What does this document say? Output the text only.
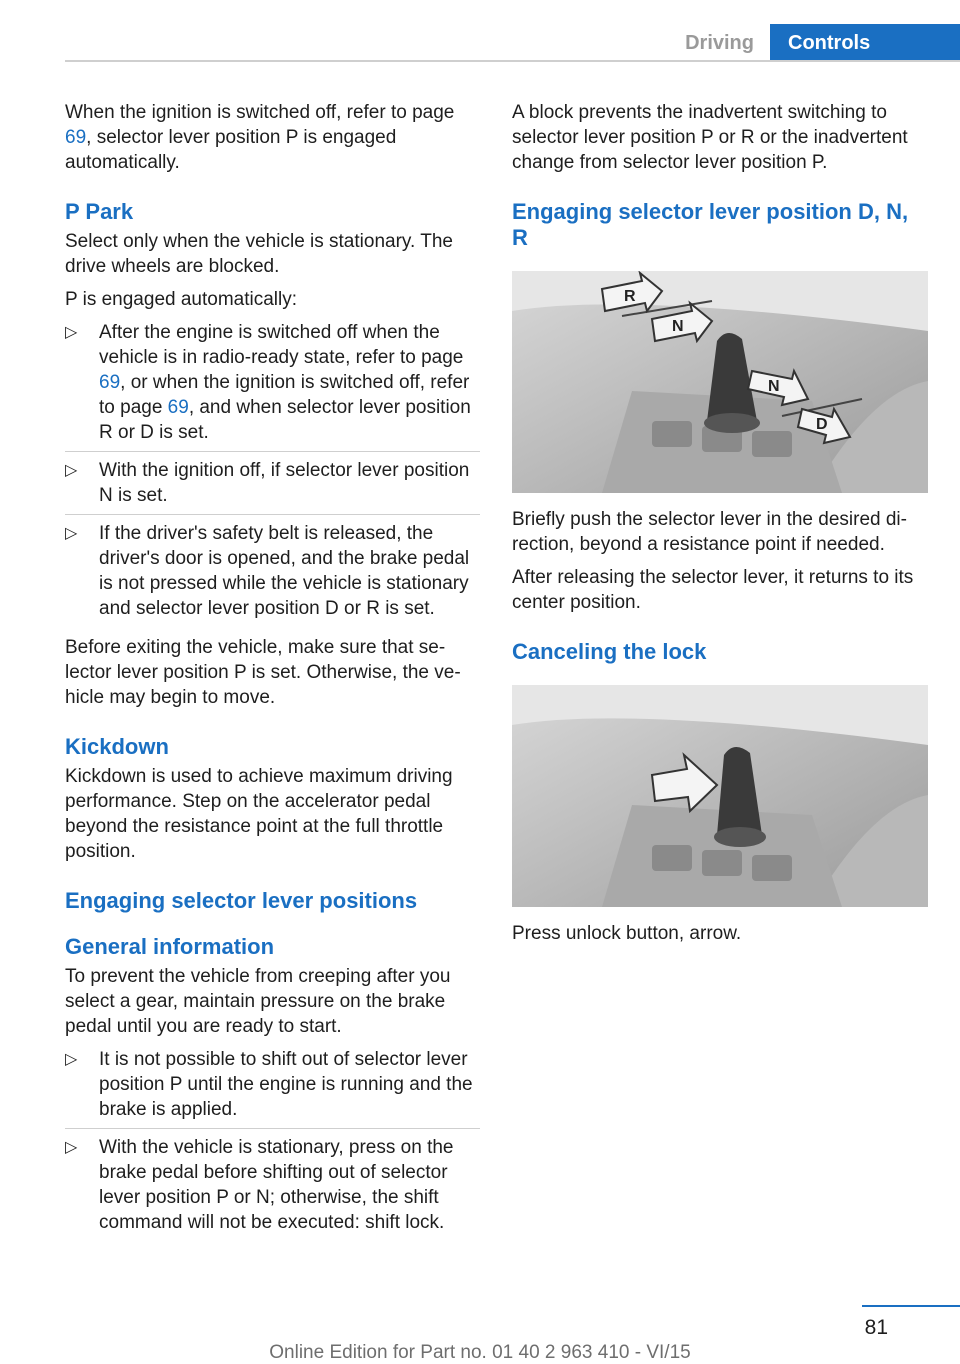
Driving	Controls

When the ignition is switched off, refer to page 69, selector lever position P is engaged automatically.

P Park

Select only when the vehicle is stationary. The drive wheels are blocked.

P is engaged automatically:

▷ After the engine is switched off when the vehicle is in radio-ready state, refer to page 69, or when the ignition is switched off, refer to page 69, and when selector lever position R or D is set.
▷ With the ignition off, if selector lever position N is set.
▷ If the driver's safety belt is released, the driver's door is opened, and the brake pedal is not pressed while the vehicle is stationary and selector lever position D or R is set.

Before exiting the vehicle, make sure that selector lever position P is set. Otherwise, the vehicle may begin to move.

Kickdown

Kickdown is used to achieve maximum driving performance. Step on the accelerator pedal beyond the resistance point at the full throttle position.

Engaging selector lever positions
General information

To prevent the vehicle from creeping after you select a gear, maintain pressure on the brake pedal until you are ready to start.

▷ It is not possible to shift out of selector lever position P until the engine is running and the brake is applied.
▷ With the vehicle is stationary, press on the brake pedal before shifting out of selector lever position P or N; otherwise, the shift command will not be executed: shift lock.

A block prevents the inadvertent switching to selector lever position P or R or the inadvertent change from selector lever position P.

Engaging selector lever position D, N, R
R
N
N
D

Briefly push the selector lever in the desired direction, beyond a resistance point if needed.

After releasing the selector lever, it returns to its center position.

Canceling the lock

Press unlock button, arrow.

81
Online Edition for Part no. 01 40 2 963 410 - VI/15
